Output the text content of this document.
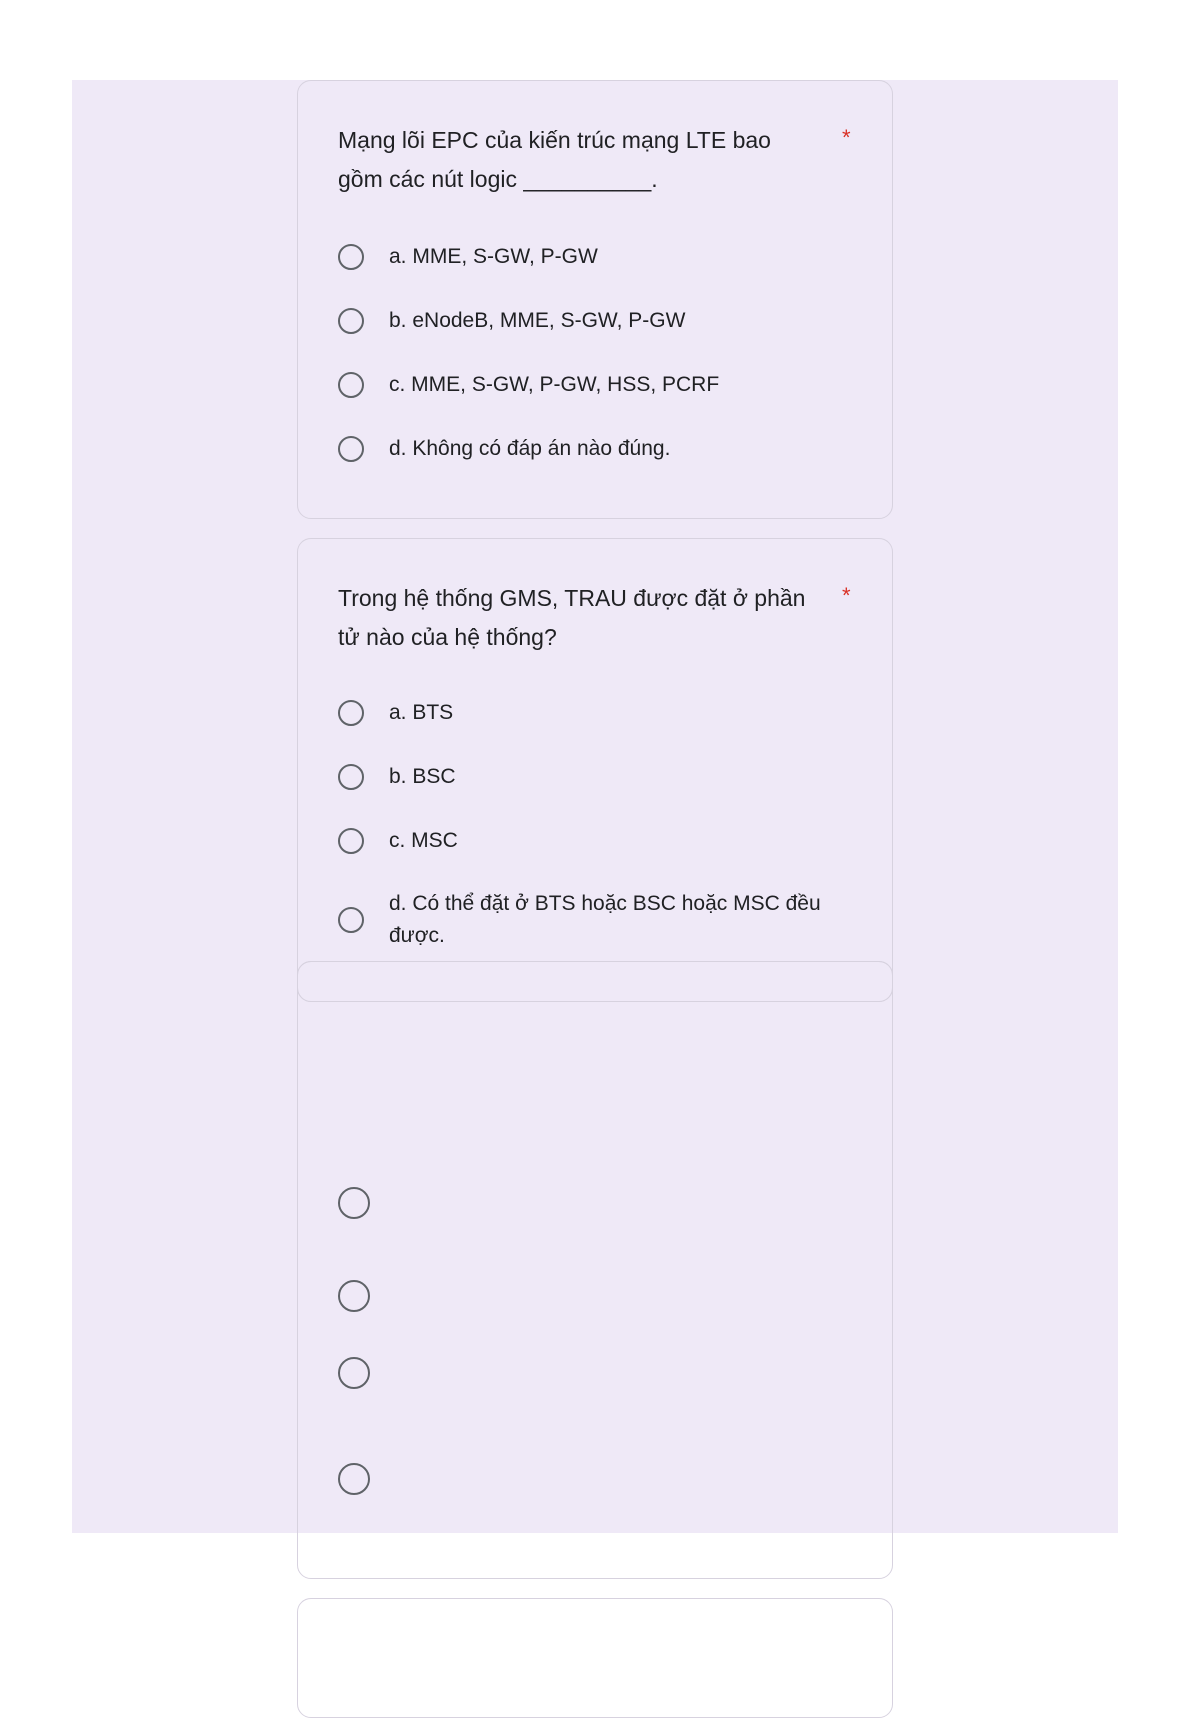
Mạng lõi EPC của kiến trúc mạng LTE bao gồm các nút logic __________.
*
a. MME, S-GW, P-GW
b. eNodeB, MME, S-GW, P-GW
c. MME, S-GW, P-GW, HSS, PCRF
d. Không có đáp án nào đúng.
Trong hệ thống GMS, TRAU được đặt ở phần tử nào của hệ thống?
*
a. BTS
b. BSC
c. MSC
d. Có thể đặt ở BTS hoặc BSC hoặc MSC đều được.
